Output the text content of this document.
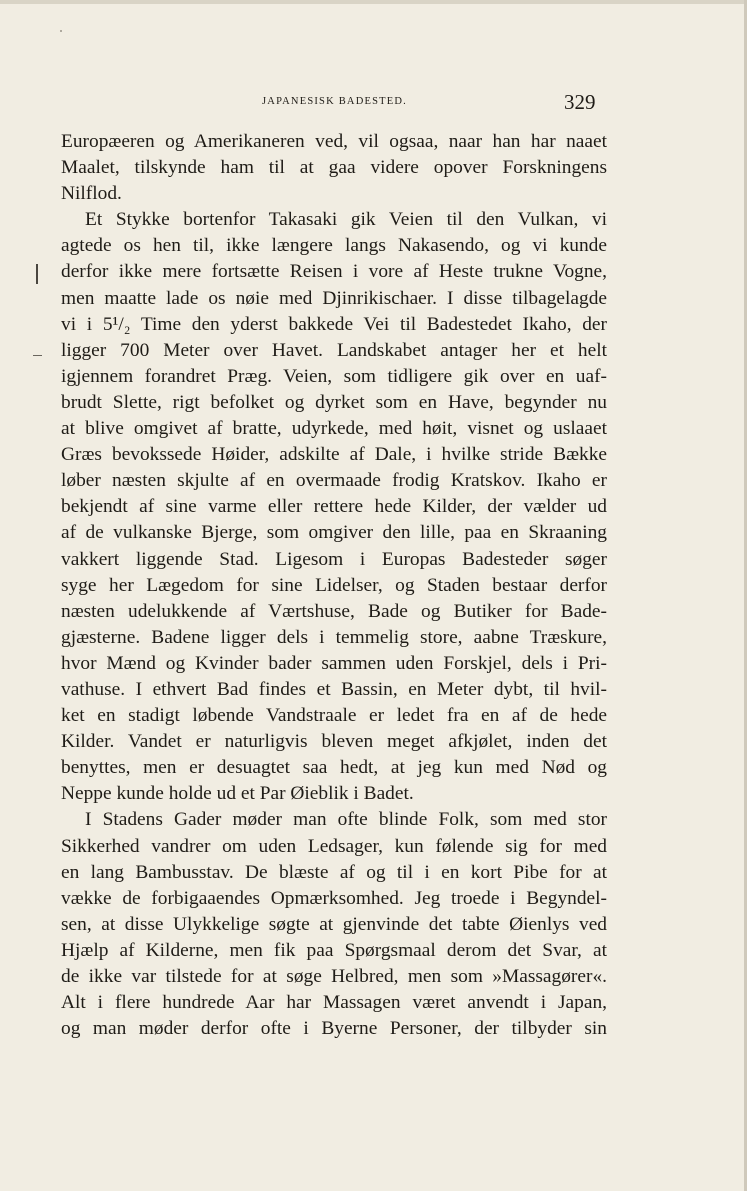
JAPANESISK BADESTED.	329
Europæeren og Amerikaneren ved, vil ogsaa, naar han har naaet
Maalet, tilskynde ham til at gaa videre opover Forskningens
Nilflod.
Et Stykke bortenfor Takasaki gik Veien til den Vulkan, vi
agtede os hen til, ikke længere langs Nakasendo, og vi kunde
derfor ikke mere fortsætte Reisen i vore af Heste trukne Vogne,
men maatte lade os nøie med Djinrikischaer. I disse tilbagelagde
vi i 5¹/₂ Time den yderst bakkede Vei til Badestedet Ikaho, der
ligger 700 Meter over Havet. Landskabet antager her et helt
igjennem forandret Præg. Veien, som tidligere gik over en uaf-
brudt Slette, rigt befolket og dyrket som en Have, begynder nu
at blive omgivet af bratte, udyrkede, med høit, visnet og uslaaet
Græs bevokssede Høider, adskilte af Dale, i hvilke stride Bække
løber næsten skjulte af en overmaade frodig Kratskov. Ikaho er
bekjendt af sine varme eller rettere hede Kilder, der vælder ud
af de vulkanske Bjerge, som omgiver den lille, paa en Skraaning
vakkert liggende Stad. Ligesom i Europas Badesteder søger
syge her Lægedom for sine Lidelser, og Staden bestaar derfor
næsten udelukkende af Værtshuse, Bade og Butiker for Bade-
gjæsterne. Badene ligger dels i temmelig store, aabne Træskure,
hvor Mænd og Kvinder bader sammen uden Forskjel, dels i Pri-
vathuse. I ethvert Bad findes et Bassin, en Meter dybt, til hvil-
ket en stadigt løbende Vandstraale er ledet fra en af de hede
Kilder. Vandet er naturligvis bleven meget afkjølet, inden det
benyttes, men er desuagtet saa hedt, at jeg kun med Nød og
Neppe kunde holde ud et Par Øieblik i Badet.
I Stadens Gader møder man ofte blinde Folk, som med stor
Sikkerhed vandrer om uden Ledsager, kun følende sig for med
en lang Bambusstav. De blæste af og til i en kort Pibe for at
vække de forbigaaendes Opmærksomhed. Jeg troede i Begyndel-
sen, at disse Ulykkelige søgte at gjenvinde det tabte Øienlys ved
Hjælp af Kilderne, men fik paa Spørgsmaal derom det Svar, at
de ikke var tilstede for at søge Helbred, men som »Massagører«.
Alt i flere hundrede Aar har Massagen været anvendt i Japan,
og man møder derfor ofte i Byerne Personer, der tilbyder sin
